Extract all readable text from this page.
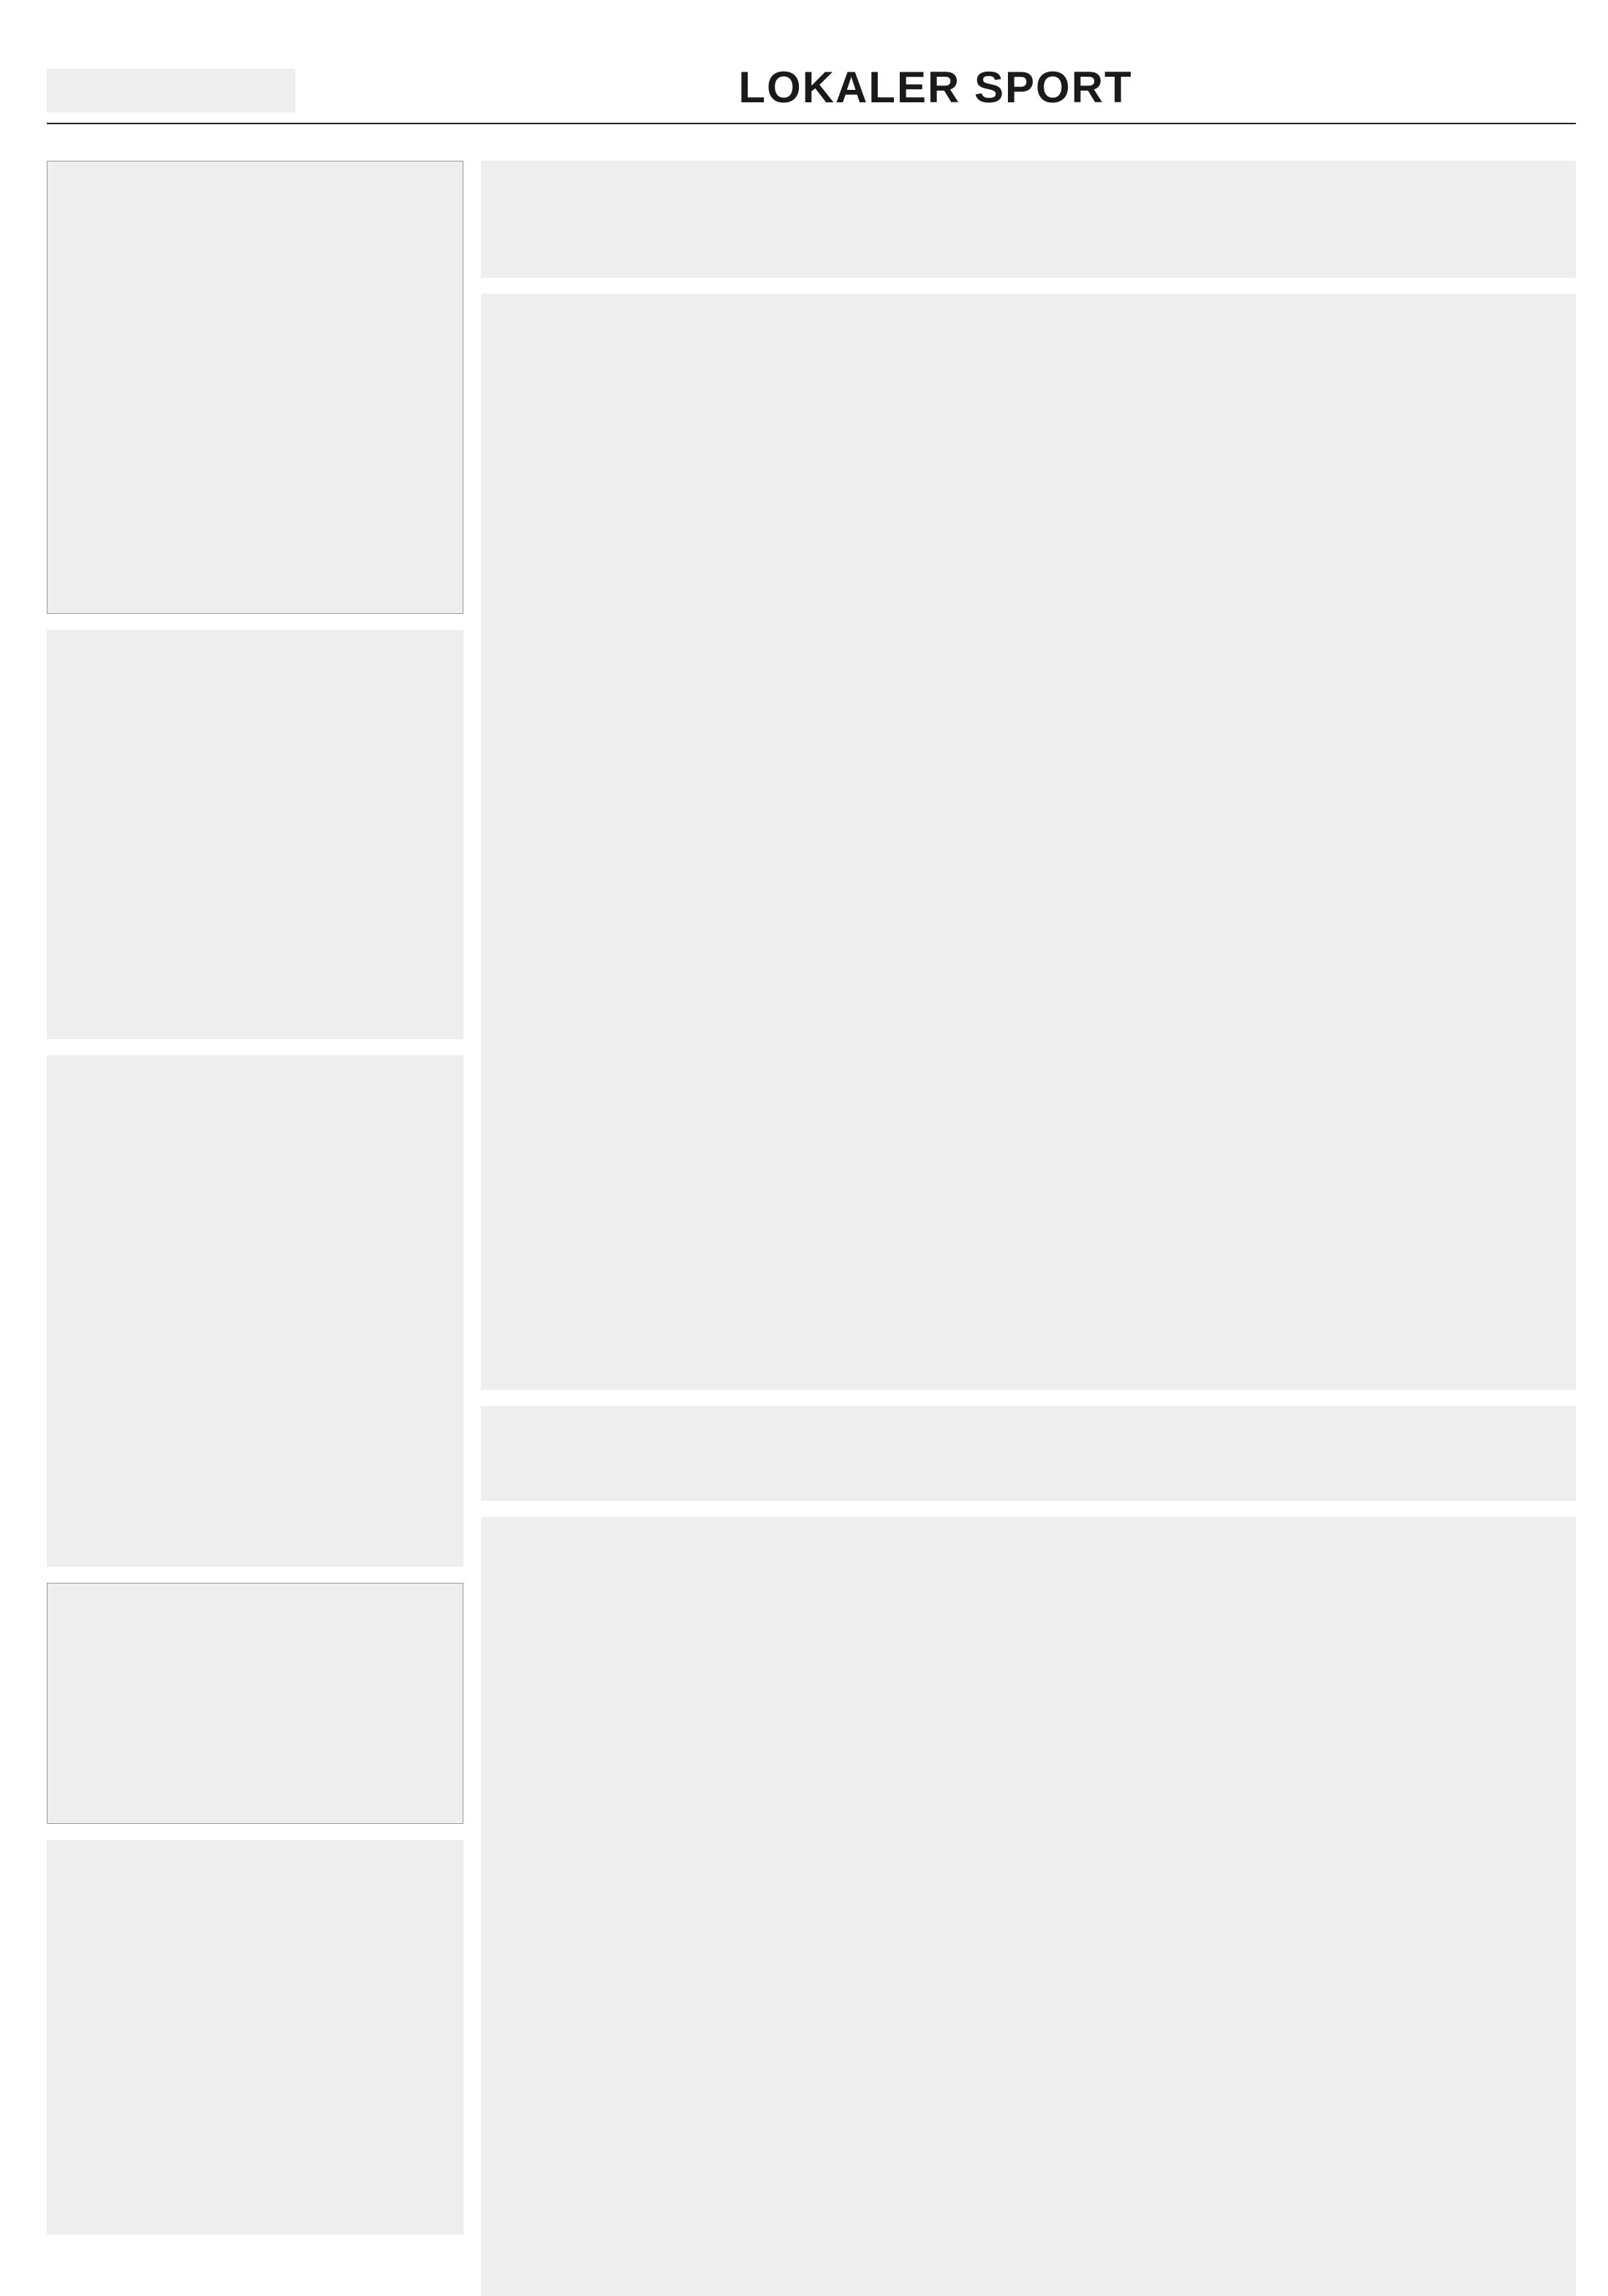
LOKALER SPORT
